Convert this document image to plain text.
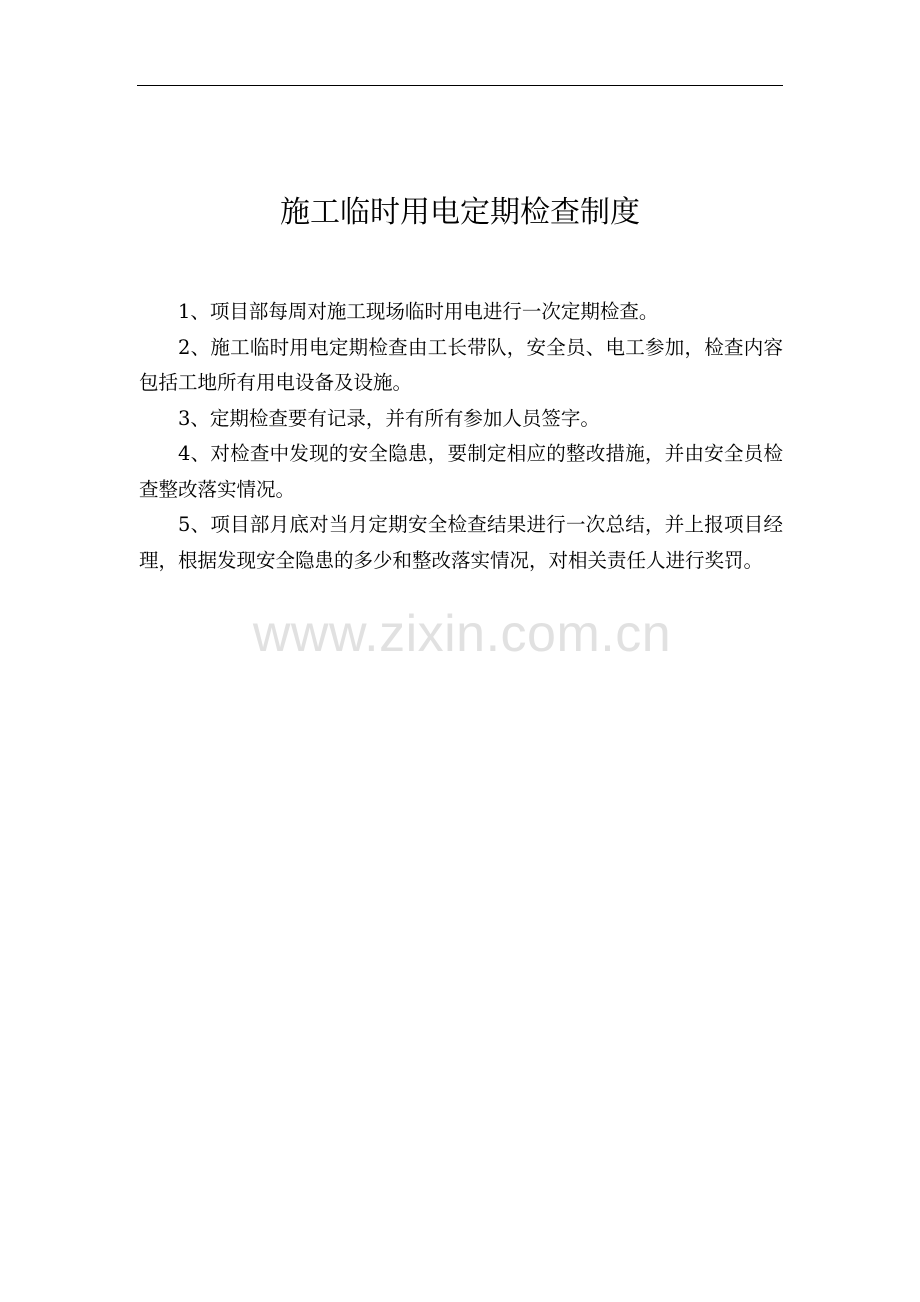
施工临时用电定期检查制度

1、项目部每周对施工现场临时用电进行一次定期检查。

2、施工临时用电定期检查由工长带队，安全员、电工参加，检查内容包括工地所有用电设备及设施。

3、定期检查要有记录，并有所有参加人员签字。

4、对检查中发现的安全隐患，要制定相应的整改措施，并由安全员检查整改落实情况。

5、项目部月底对当月定期安全检查结果进行一次总结，并上报项目经理，根据发现安全隐患的多少和整改落实情况，对相关责任人进行奖罚。

www.zixin.com.cn
